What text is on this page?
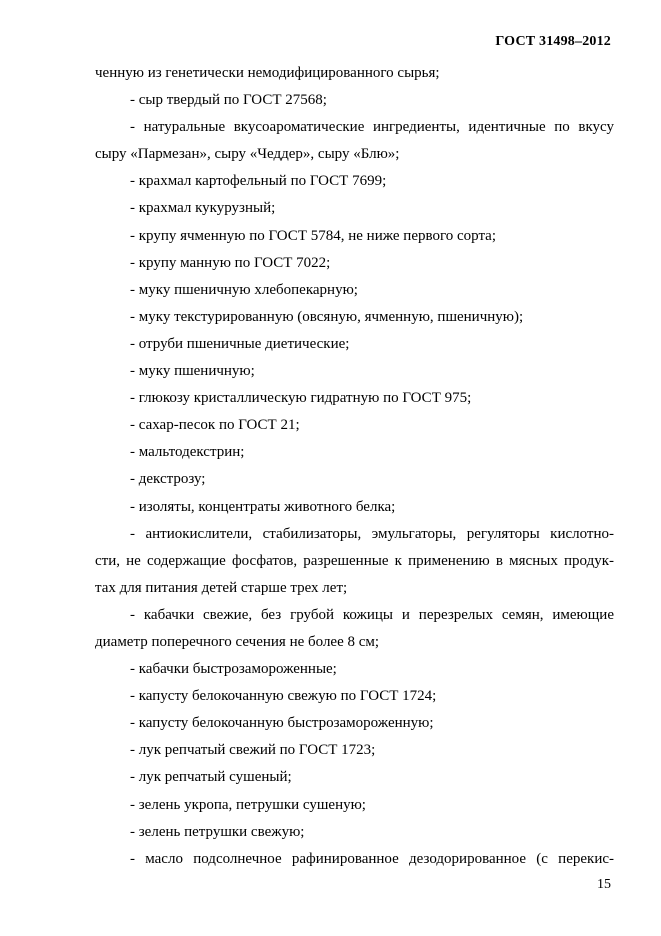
ГОСТ 31498–2012
ченную из генетически немодифицированного сырья;
- сыр твердый по ГОСТ 27568;
- натуральные вкусоароматические ингредиенты, идентичные по вкусу
сыру «Пармезан», сыру «Чеддер», сыру «Блю»;
- крахмал картофельный по ГОСТ 7699;
- крахмал кукурузный;
- крупу ячменную по ГОСТ 5784, не ниже первого сорта;
- крупу манную по ГОСТ 7022;
- муку пшеничную хлебопекарную;
- муку текстурированную (овсяную, ячменную, пшеничную);
- отруби пшеничные диетические;
- муку пшеничную;
- глюкозу кристаллическую гидратную по ГОСТ 975;
- сахар-песок по ГОСТ 21;
- мальтодекстрин;
- декстрозу;
- изоляты, концентраты животного белка;
- антиокислители, стабилизаторы, эмульгаторы, регуляторы кислотно-
сти, не содержащие фосфатов, разрешенные к применению в мясных продук-
тах для питания детей старше трех лет;
- кабачки свежие, без грубой кожицы и перезрелых семян, имеющие
диаметр поперечного сечения не более 8 см;
- кабачки быстрозамороженные;
- капусту белокочанную свежую по ГОСТ 1724;
- капусту белокочанную быстрозамороженную;
- лук репчатый свежий по ГОСТ 1723;
- лук репчатый сушеный;
- зелень укропа, петрушки сушеную;
- зелень петрушки свежую;
- масло подсолнечное рафинированное дезодорированное (с перекис-
15
